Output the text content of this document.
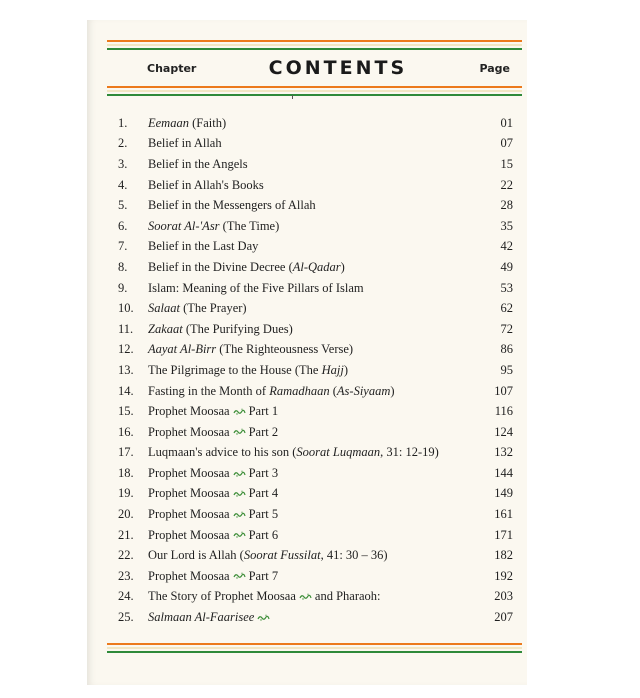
Chapter	CONTENTS	Page
1. Eemaan (Faith)	01
2. Belief in Allah	07
3. Belief in the Angels	15
4. Belief in Allah's Books	22
5. Belief in the Messengers of Allah	28
6. Soorat Al-'Asr (The Time)	35
7. Belief in the Last Day	42
8. Belief in the Divine Decree (Al-Qadar)	49
9. Islam: Meaning of the Five Pillars of Islam	53
10. Salaat (The Prayer)	62
11. Zakaat (The Purifying Dues)	72
12. Aayat Al-Birr (The Righteousness Verse)	86
13. The Pilgrimage to the House (The Hajj)	95
14. Fasting in the Month of Ramadhaan (As-Siyaam)	107
15. Prophet Moosaa Part 1	116
16. Prophet Moosaa Part 2	124
17. Luqmaan's advice to his son (Soorat Luqmaan, 31: 12-19)	132
18. Prophet Moosaa Part 3	144
19. Prophet Moosaa Part 4	149
20. Prophet Moosaa Part 5	161
21. Prophet Moosaa Part 6	171
22. Our Lord is Allah (Soorat Fussilat, 41: 30 – 36)	182
23. Prophet Moosaa Part 7	192
24. The Story of Prophet Moosaa and Pharaoh:	203
25. Salmaan Al-Faarisee	207
